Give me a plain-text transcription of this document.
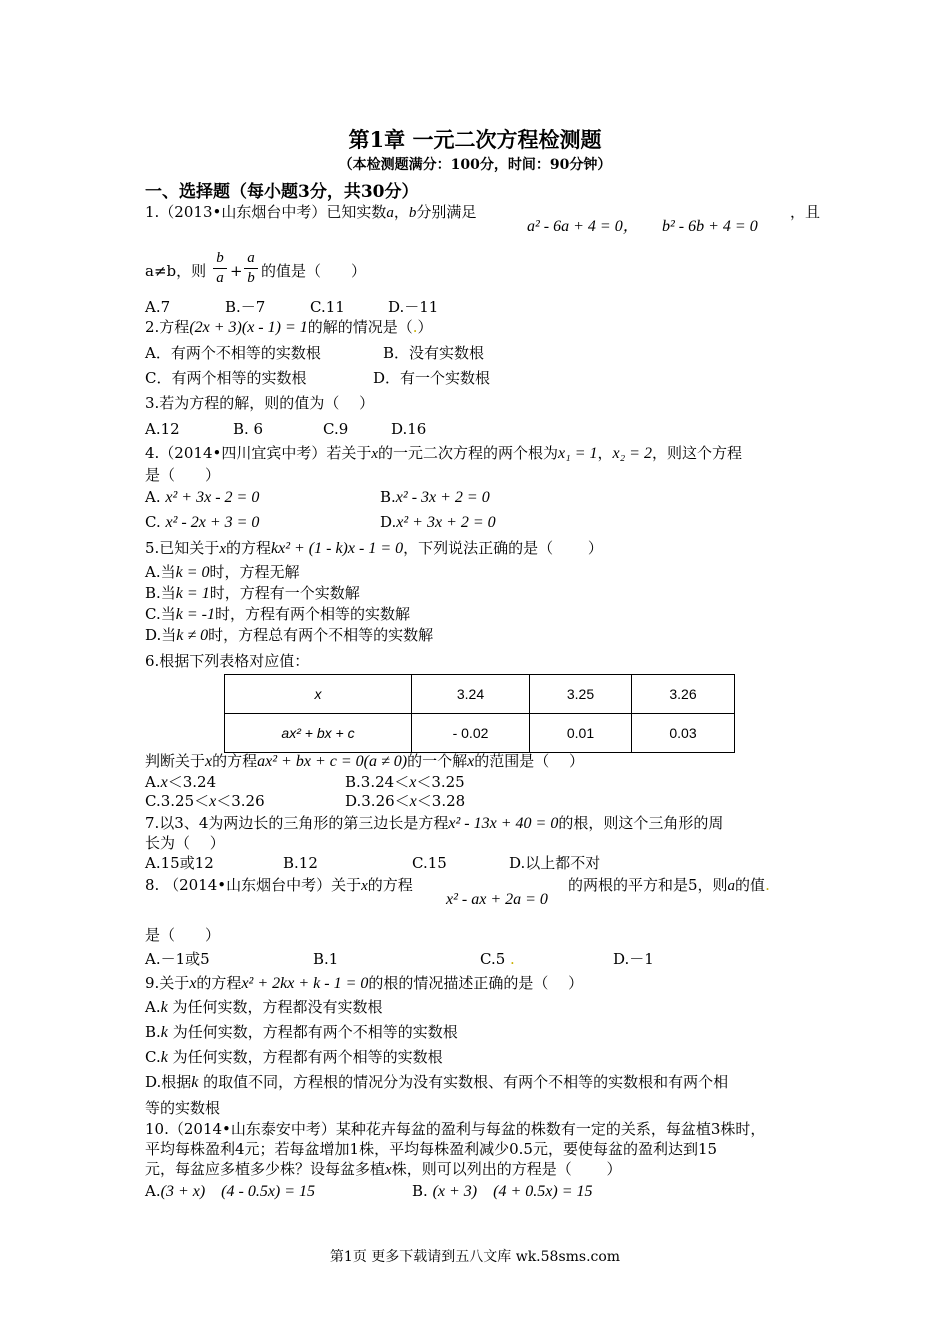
第1章 一元二次方程检测题
（本检测题满分：100分，时间：90分钟）
一、选择题（每小题3分，共30分）
1.（2013•山东烟台中考）已知实数a，b分别满足
a² - 6a + 4 = 0， b² - 6b + 4 = 0
，且
a≠b，则
b
a +
a
b 的值是（　　）
A.7	B.－7	C.11	D.－11
2.方程(2x + 3)(x - 1) = 1的解的情况是（.）
A．有两个不相等的实数根	B．没有实数根
C．有两个相等的实数根	D．有一个实数根
3.若为方程的解，则的值为（　 ）
A.12	B. 6	C.9	D.16
4.（2014•四川宜宾中考）若关于x的一元二次方程的两个根为x₁ = 1，x₂ = 2，则这个方程
是（　　）
A. x² + 3x - 2 = 0	B.x² - 3x + 2 = 0
C. x² - 2x + 3 = 0	D.x² + 3x + 2 = 0
5.已知关于x的方程kx² + (1 - k)x - 1 = 0，下列说法正确的是（　　 ）
A.当k = 0时，方程无解
B.当k = 1时，方程有一个实数解
C.当k = -1时，方程有两个相等的实数解
D.当k ≠ 0时，方程总有两个不相等的实数解
6.根据下列表格对应值：
x	3.24	3.25	3.26
ax² + bx + c	- 0.02	0.01	0.03
判断关于x的方程ax² + bx + c = 0(a ≠ 0)的一个解x的范围是（　 ）
A.x＜3.24	B.3.24＜x＜3.25
C.3.25＜x＜3.26	D.3.26＜x＜3.28
7.以3、4为两边长的三角形的第三边长是方程x² - 13x + 40 = 0的根，则这个三角形的周
长为（　 ）
A.15或12	B.12	C.15	D.以上都不对
8. （2014•山东烟台中考）关于x的方程
x² - ax + 2a = 0
的两根的平方和是5，则a的值.
是（　　）
A.－1或5	B.1	C.5 .	D.－1
9.关于x的方程x² + 2kx + k - 1 = 0的根的情况描述正确的是（　 ）
A.k 为任何实数，方程都没有实数根
B.k 为任何实数，方程都有两个不相等的实数根
C.k 为任何实数，方程都有两个相等的实数根
D.根据k 的取值不同，方程根的情况分为没有实数根、有两个不相等的实数根和有两个相
等的实数根
10.（2014•山东泰安中考）某种花卉每盆的盈利与每盆的株数有一定的关系，每盆植3株时，
平均每株盈利4元；若每盆增加1株，平均每株盈利减少0.5元，要使每盆的盈利达到15
元，每盆应多植多少株？设每盆多植x株，则可以列出的方程是（　　 ）
A.(3 + x)　(4 - 0.5x) = 15	B. (x + 3)　(4 + 0.5x) = 15
第1页 更多下载请到五八文库 wk.58sms.com
